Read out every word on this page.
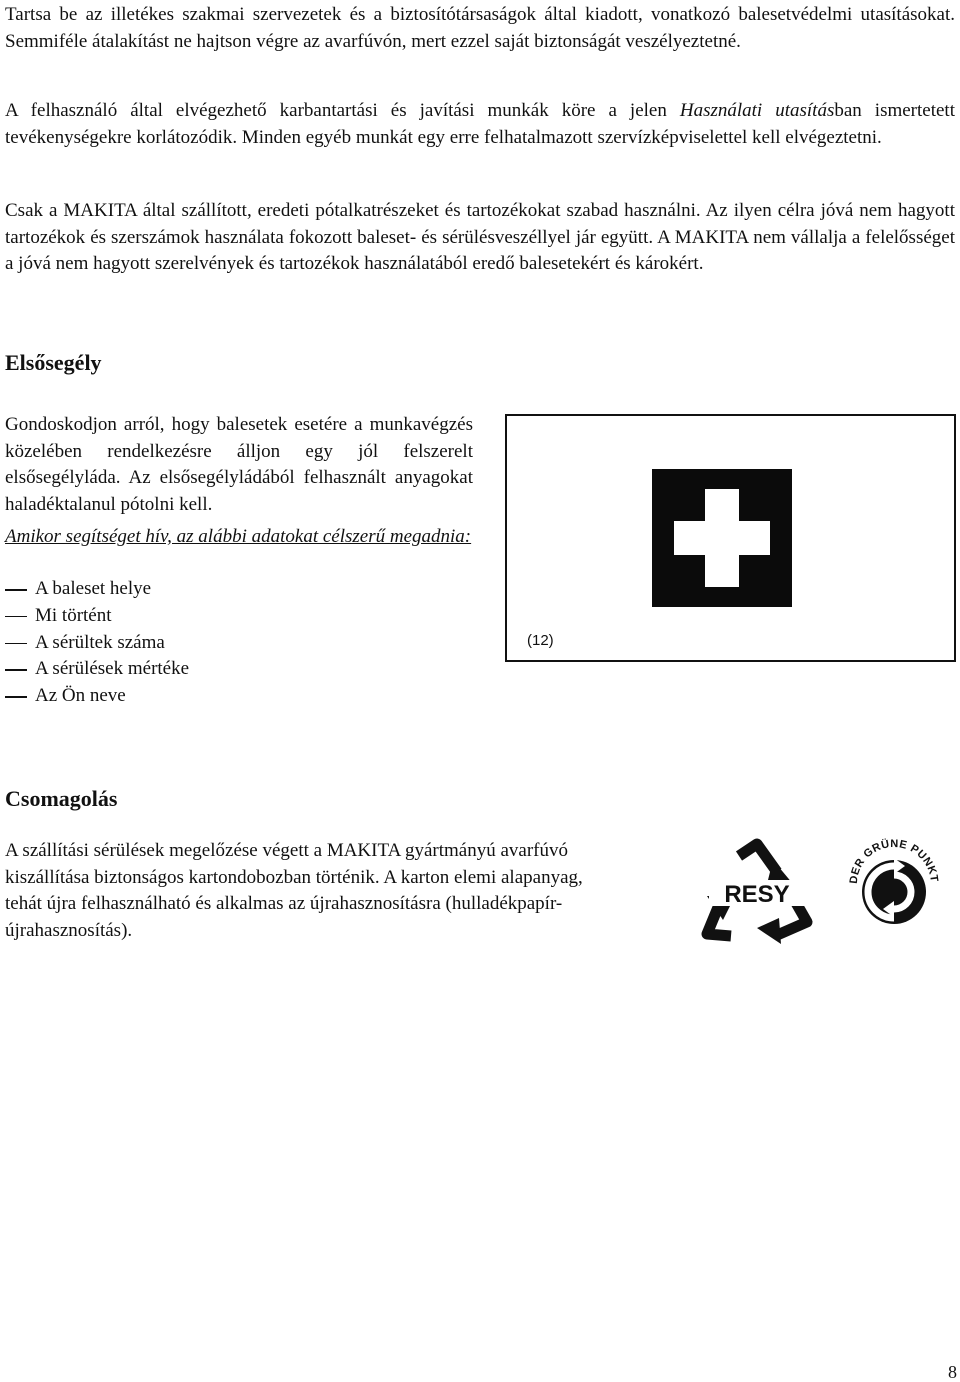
Tartsa be az illetékes szakmai szervezetek és a biztosítótársaságok által kiadott, vonatkozó balesetvédelmi utasításokat. Semmiféle átalakítást ne hajtson végre az avarfúvón, mert ezzel saját biztonságát veszélyeztetné.

A felhasználó által elvégezhető karbantartási és javítási munkák köre a jelen Használati utasításban ismertetett tevékenységekre korlátozódik. Minden egyéb munkát egy erre felhatalmazott szervízképviselettel kell elvégeztetni.

Csak a MAKITA által szállított, eredeti pótalkatrészeket és tartozékokat szabad használni. Az ilyen célra jóvá nem hagyott tartozékok és szerszámok használata fokozott baleset- és sérülésveszéllyel jár együtt. A MAKITA nem vállalja a felelősséget a jóvá nem hagyott szerelvények és tartozékok használatából eredő balesetekért és károkért.

Elsősegély

Gondoskodjon arról, hogy balesetek esetére a munkavégzés közelében rendelkezésre álljon egy jól felszerelt elsősegélyláda. Az elsősegélyládából felhasznált anyagokat haladéktalanul pótolni kell.

Amikor segítséget hív, az alábbi adatokat célszerű megadnia:

A baleset helye
Mi történt
A sérültek száma
A sérülések mértéke
Az Ön neve
(12)
Csomagolás

A szállítási sérülések megelőzése végett a MAKITA gyártmányú avarfúvó kiszállítása biztonságos kartondobozban történik. A karton elemi alapanyag, tehát újra felhasználható és alkalmas az újrahasznosításra (hulladékpapír-újrahasznosítás).

RESY
DER GRÜNE PUNKT
8
